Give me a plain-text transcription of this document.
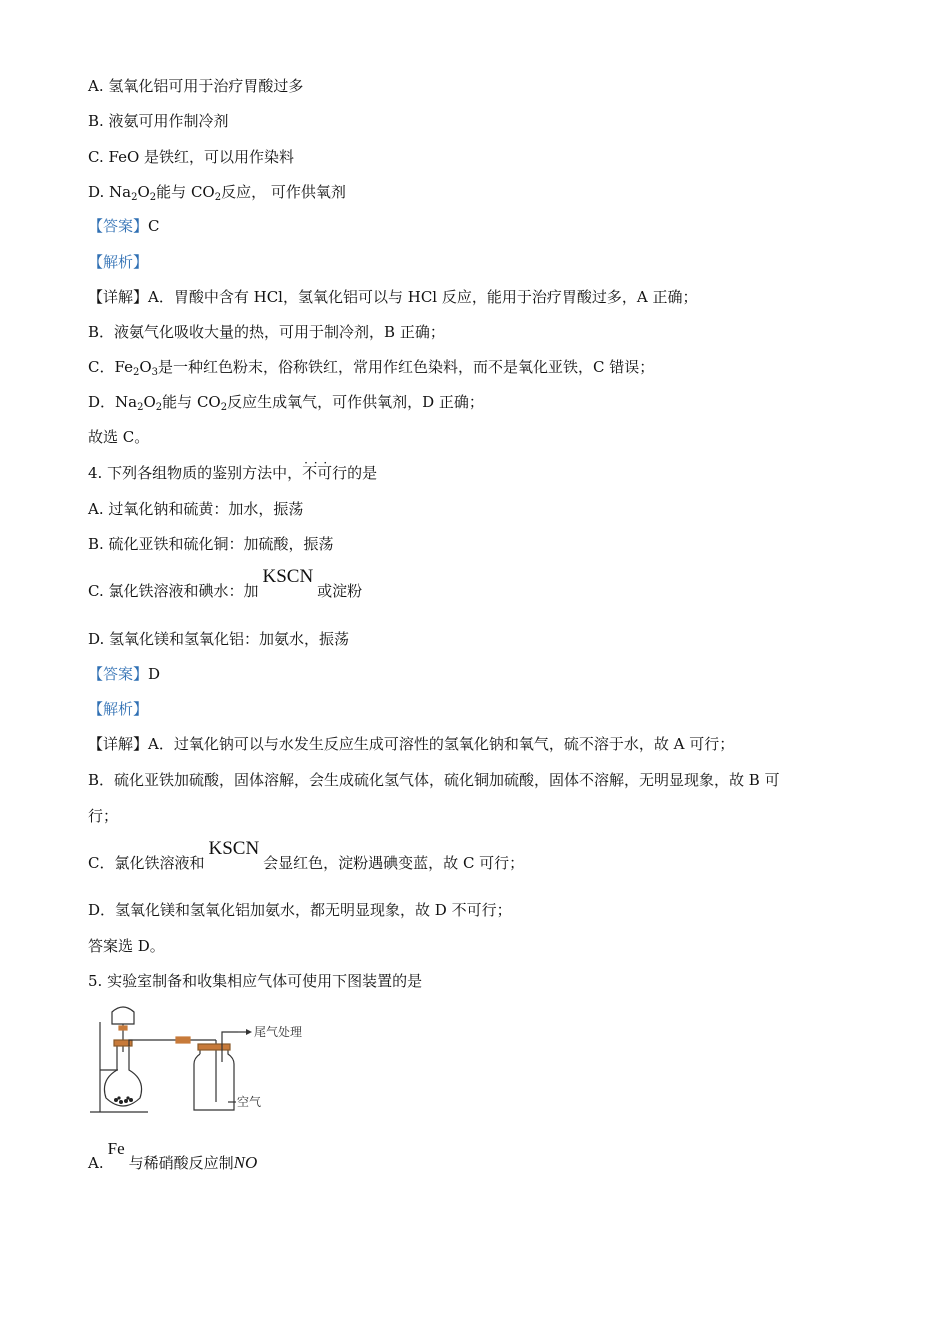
A. 氢氧化铝可用于治疗胃酸过多
B. 液氨可用作制冷剂
C. FeO 是铁红，可以用作染料
D. $Na_2O_2$能与 $CO_2$反应， 可作供氧剂
【答案】C
【解析】
【详解】A．胃酸中含有 HCl，氢氧化铝可以与 HCl 反应，能用于治疗胃酸过多，A 正确；
B．液氨气化吸收大量的热，可用于制冷剂，B 正确；
C．$Fe_2O_3$是一种红色粉末，俗称铁红，常用作红色染料，而不是氧化亚铁，C 错误；
D．$Na_2O_2$能与 $CO_2$反应生成氧气，可作供氧剂，D 正确；
故选 C。
4. 下列各组物质的鉴别方法中，· · · 不可行的是
A. 过氧化钠和硫黄：加水，振荡
B. 硫化亚铁和硫化铜：加硫酸，振荡
C. 氯化铁溶液和碘水：加KSCN或淀粉
D. 氢氧化镁和氢氧化铝：加氨水，振荡
【答案】D
【解析】
【详解】A．过氧化钠可以与水发生反应生成可溶性的氢氧化钠和氧气，硫不溶于水，故 A 可行；
B．硫化亚铁加硫酸，固体溶解，会生成硫化氢气体，硫化铜加硫酸，固体不溶解，无明显现象，故 B 可
行；
C．氯化铁溶液和KSCN会显红色，淀粉遇碘变蓝，故 C 可行；
D．氢氧化镁和氢氧化铝加氨水，都无明显现象，故 D 不可行；
答案选 D。
5. 实验室制备和收集相应气体可使用下图装置的是
尾气处理
空气
A.Fe与稀硝酸反应制NO
